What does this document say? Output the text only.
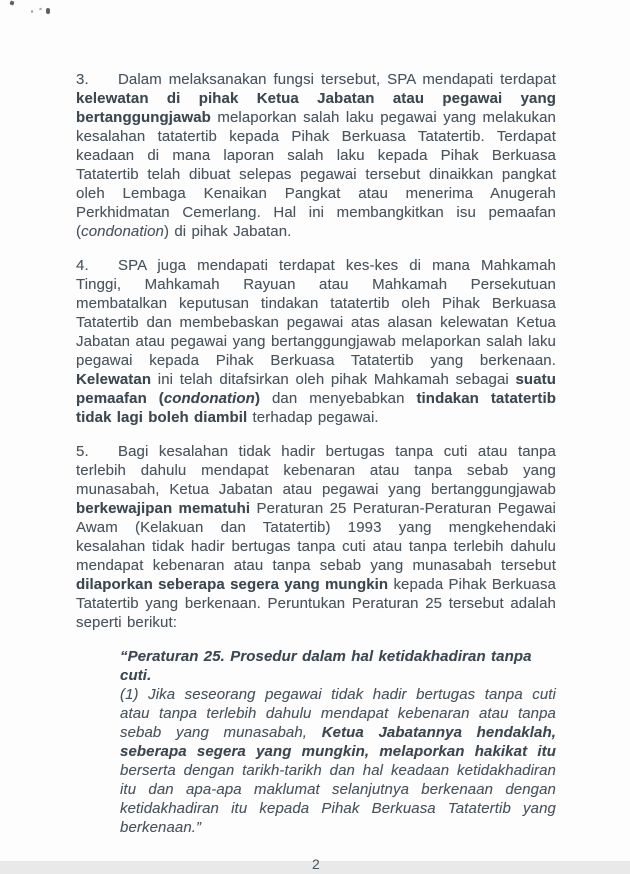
3. Dalam melaksanakan fungsi tersebut, SPA mendapati terdapat kelewatan di pihak Ketua Jabatan atau pegawai yang bertanggungjawab melaporkan salah laku pegawai yang melakukan kesalahan tatatertib kepada Pihak Berkuasa Tatatertib. Terdapat keadaan di mana laporan salah laku kepada Pihak Berkuasa Tatatertib telah dibuat selepas pegawai tersebut dinaikkan pangkat oleh Lembaga Kenaikan Pangkat atau menerima Anugerah Perkhidmatan Cemerlang. Hal ini membangkitkan isu pemaafan (condonation) di pihak Jabatan.

4. SPA juga mendapati terdapat kes-kes di mana Mahkamah Tinggi, Mahkamah Rayuan atau Mahkamah Persekutuan membatalkan keputusan tindakan tatatertib oleh Pihak Berkuasa Tatatertib dan membebaskan pegawai atas alasan kelewatan Ketua Jabatan atau pegawai yang bertanggungjawab melaporkan salah laku pegawai kepada Pihak Berkuasa Tatatertib yang berkenaan. Kelewatan ini telah ditafsirkan oleh pihak Mahkamah sebagai suatu pemaafan (condonation) dan menyebabkan tindakan tatatertib tidak lagi boleh diambil terhadap pegawai.

5. Bagi kesalahan tidak hadir bertugas tanpa cuti atau tanpa terlebih dahulu mendapat kebenaran atau tanpa sebab yang munasabah, Ketua Jabatan atau pegawai yang bertanggungjawab berkewajipan mematuhi Peraturan 25 Peraturan-Peraturan Pegawai Awam (Kelakuan dan Tatatertib) 1993 yang mengkehendaki kesalahan tidak hadir bertugas tanpa cuti atau tanpa terlebih dahulu mendapat kebenaran atau tanpa sebab yang munasabah tersebut dilaporkan seberapa segera yang mungkin kepada Pihak Berkuasa Tatatertib yang berkenaan. Peruntukan Peraturan 25 tersebut adalah seperti berikut:

“Peraturan 25. Prosedur dalam hal ketidakhadiran tanpa cuti.

(1) Jika seseorang pegawai tidak hadir bertugas tanpa cuti atau tanpa terlebih dahulu mendapat kebenaran atau tanpa sebab yang munasabah, Ketua Jabatannya hendaklah, seberapa segera yang mungkin, melaporkan hakikat itu berserta dengan tarikh-tarikh dan hal keadaan ketidakhadiran itu dan apa-apa maklumat selanjutnya berkenaan dengan ketidakhadiran itu kepada Pihak Berkuasa Tatatertib yang berkenaan.”

2
